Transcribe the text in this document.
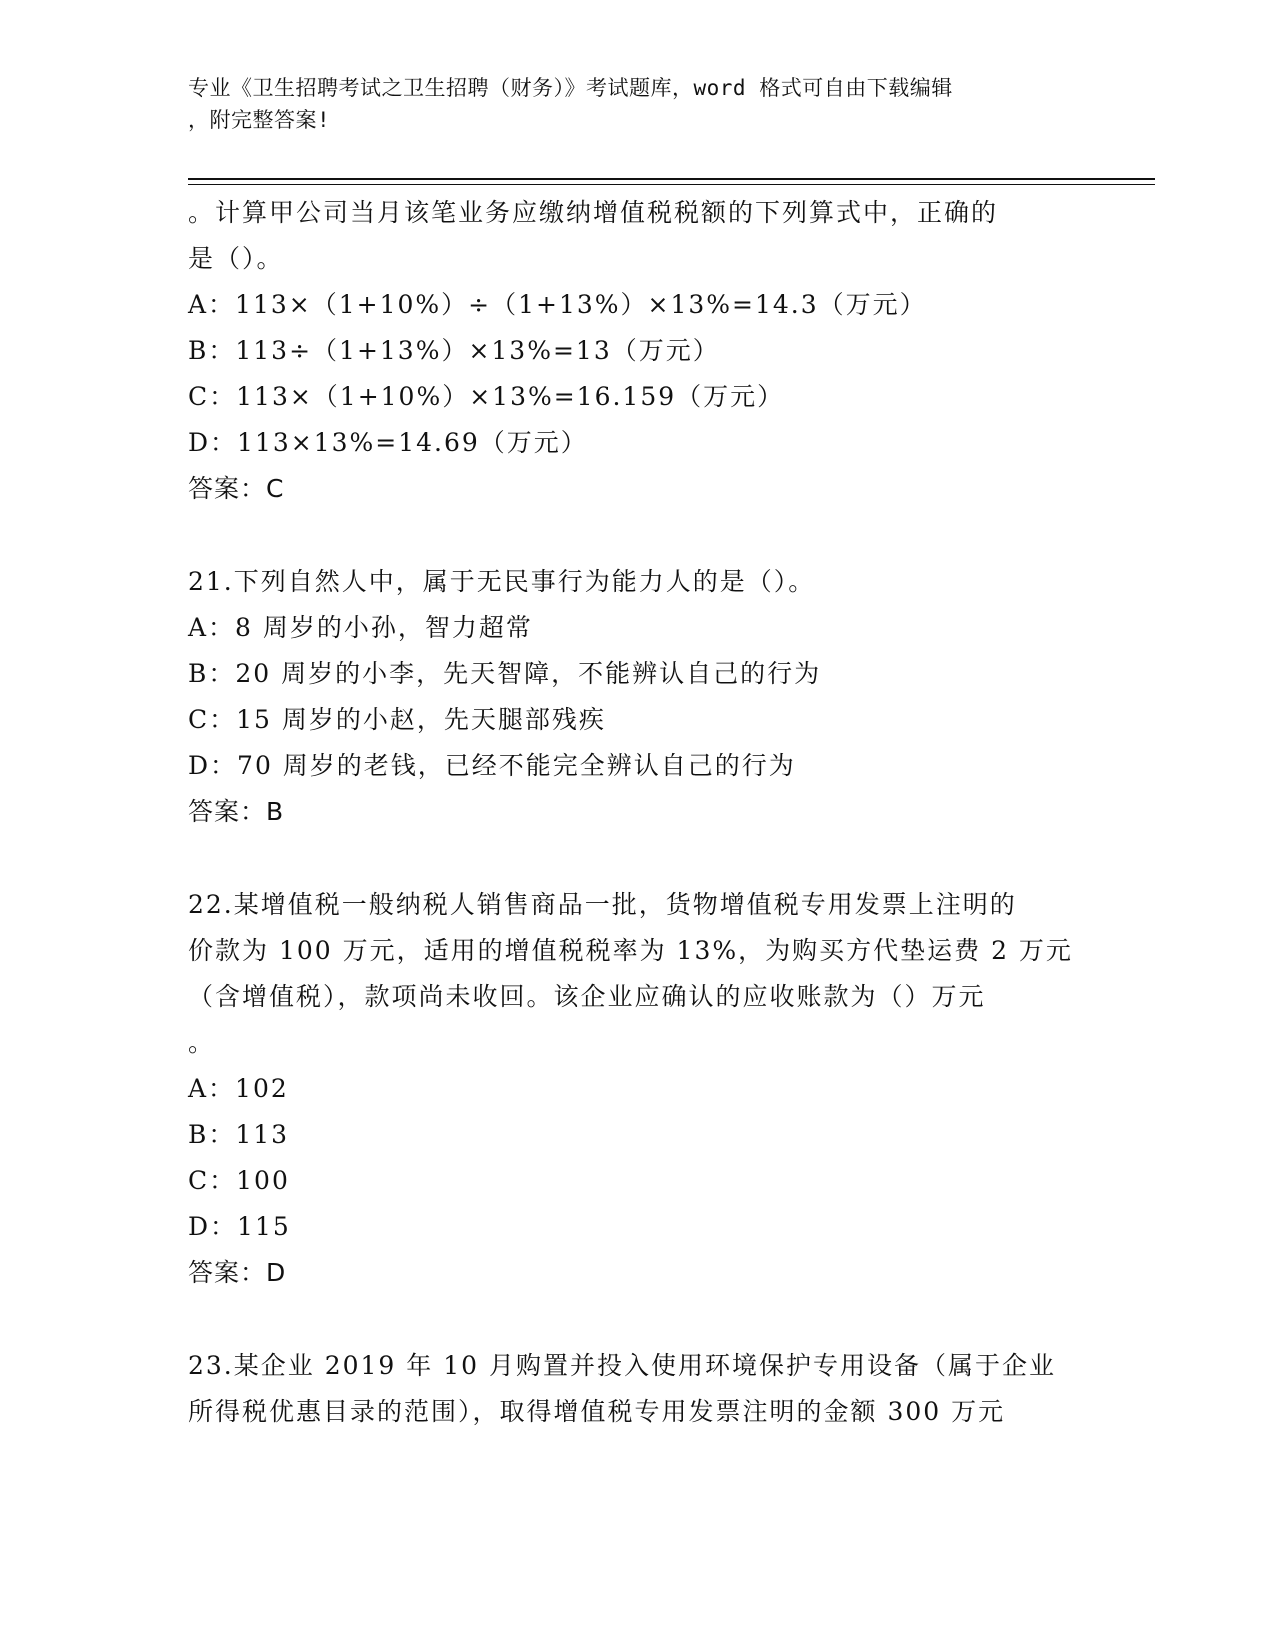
专业《卫生招聘考试之卫生招聘（财务）》考试题库，word 格式可自由下载编辑
，附完整答案!
。计算甲公司当月该笔业务应缴纳增值税税额的下列算式中，正确的
是（）。
A：113×（1+10%）÷（1+13%）×13%=14.3（万元）
B：113÷（1+13%）×13%=13（万元）
C：113×（1+10%）×13%=16.159（万元）
D：113×13%=14.69（万元）
答案：C
21.下列自然人中，属于无民事行为能力人的是（）。
A：8 周岁的小孙，智力超常
B：20 周岁的小李，先天智障，不能辨认自己的行为
C：15 周岁的小赵，先天腿部残疾
D：70 周岁的老钱，已经不能完全辨认自己的行为
答案：B
22.某增值税一般纳税人销售商品一批，货物增值税专用发票上注明的
价款为 100 万元，适用的增值税税率为 13%，为购买方代垫运费 2 万元
（含增值税），款项尚未收回。该企业应确认的应收账款为（）万元
。
A：102
B：113
C：100
D：115
答案：D
23.某企业 2019 年 10 月购置并投入使用环境保护专用设备（属于企业
所得税优惠目录的范围），取得增值税专用发票注明的金额 300 万元
